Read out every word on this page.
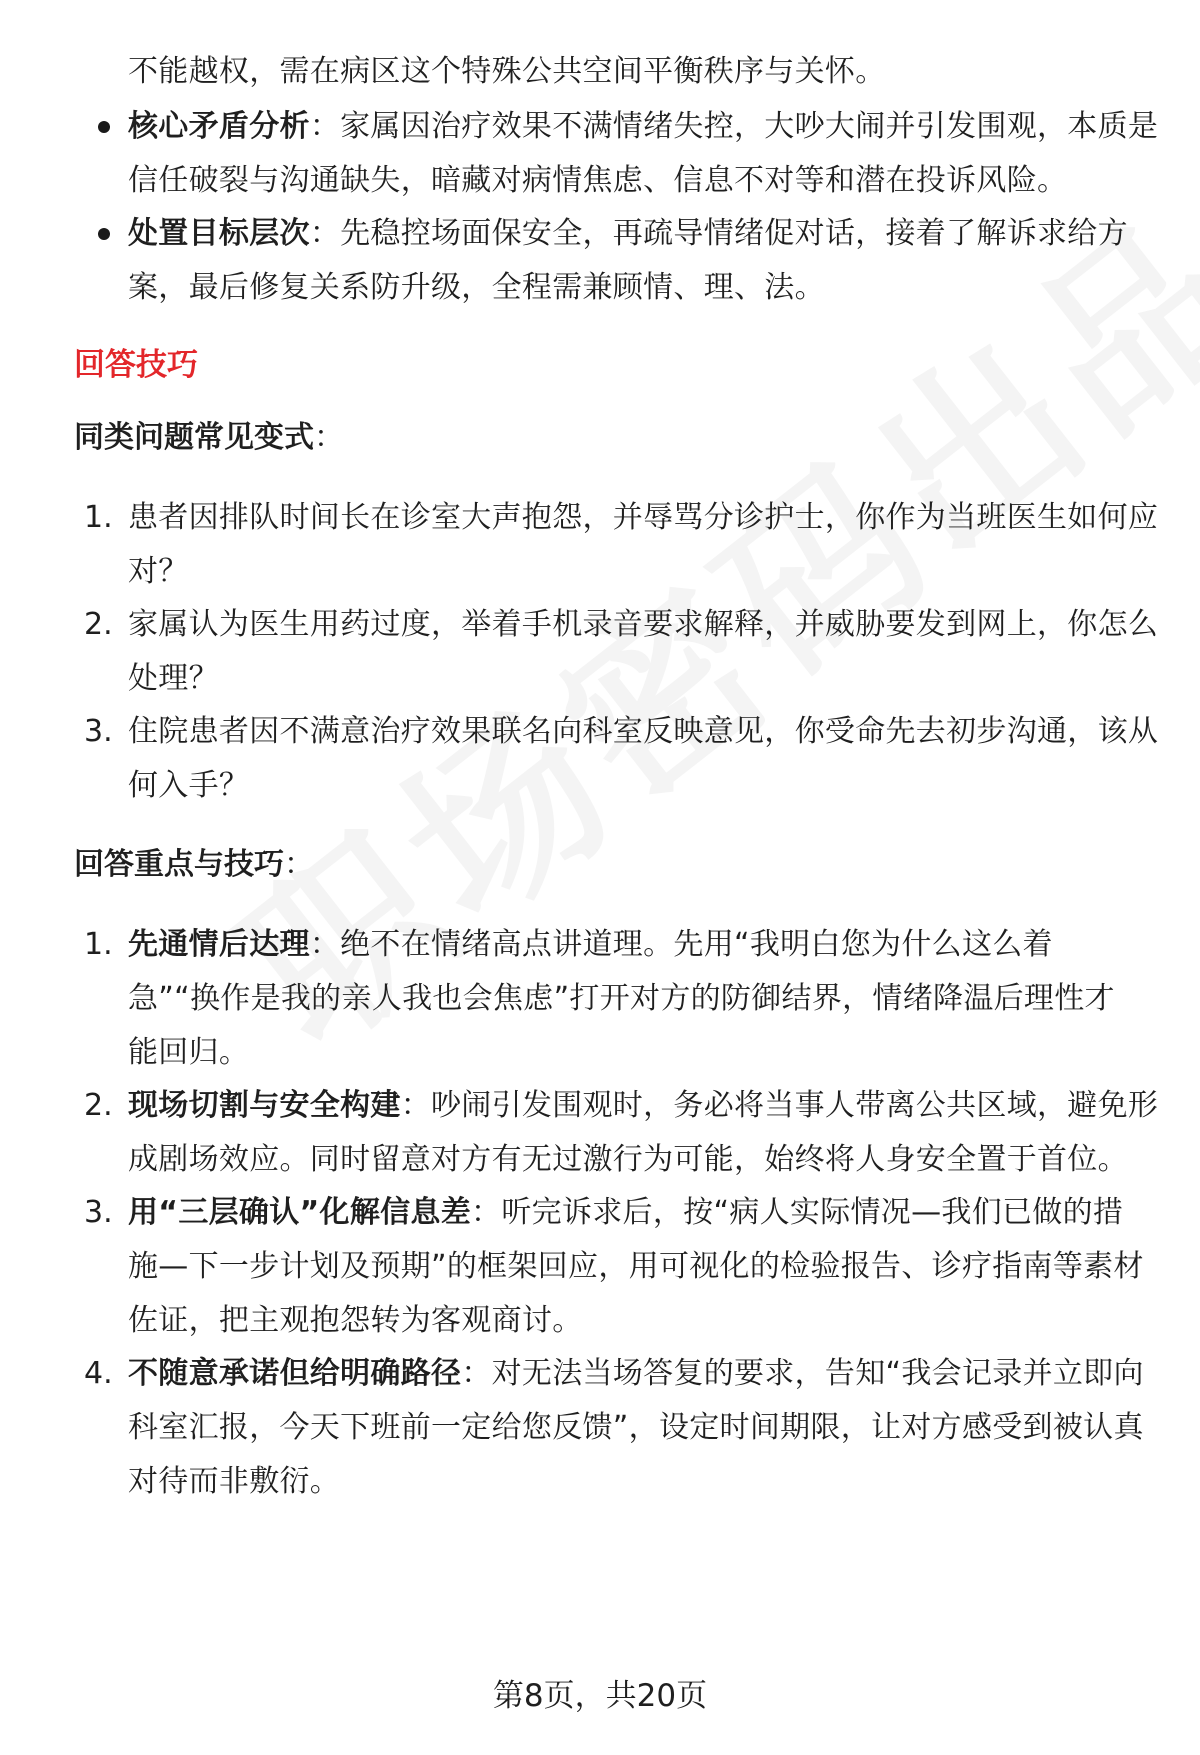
不能越权，需在病区这个特殊公共空间平衡秩序与关怀。
核心矛盾分析：家属因治疗效果不满情绪失控，大吵大闹并引发围观，本质是
信任破裂与沟通缺失，暗藏对病情焦虑、信息不对等和潜在投诉风险。
处置目标层次：先稳控场面保安全，再疏导情绪促对话，接着了解诉求给方
案，最后修复关系防升级，全程需兼顾情、理、法。
回答技巧
同类问题常见变式：
1. 患者因排队时间长在诊室大声抱怨，并辱骂分诊护士，你作为当班医生如何应
对？
2. 家属认为医生用药过度，举着手机录音要求解释，并威胁要发到网上，你怎么
处理？
3. 住院患者因不满意治疗效果联名向科室反映意见，你受命先去初步沟通，该从
何入手？
回答重点与技巧：
1. 先通情后达理：绝不在情绪高点讲道理。先用“我明白您为什么这么着
急”“换作是我的亲人我也会焦虑”打开对方的防御结界，情绪降温后理性才
能回归。
2. 现场切割与安全构建：吵闹引发围观时，务必将当事人带离公共区域，避免形
成剧场效应。同时留意对方有无过激行为可能，始终将人身安全置于首位。
3. 用“三层确认”化解信息差：听完诉求后，按“病人实际情况—我们已做的措
施—下一步计划及预期”的框架回应，用可视化的检验报告、诊疗指南等素材
佐证，把主观抱怨转为客观商讨。
4. 不随意承诺但给明确路径：对无法当场答复的要求，告知“我会记录并立即向
科室汇报，今天下班前一定给您反馈”，设定时间期限，让对方感受到被认真
对待而非敷衍。
第8页，共20页
